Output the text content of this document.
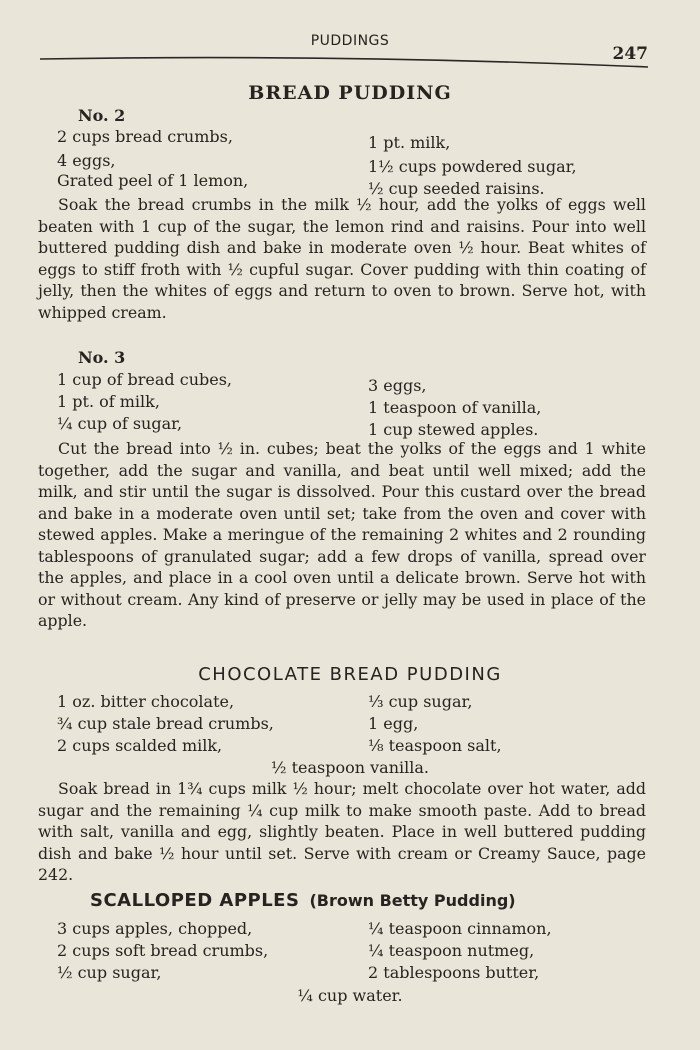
PUDDINGS
247
BREAD PUDDING
No. 2
2 cups bread crumbs,
4 eggs,
Grated peel of 1 lemon,
1 pt. milk,
1½ cups powdered sugar,
½ cup seeded raisins.
Soak the bread crumbs in the milk ½ hour, add the yolks of eggs well beaten with 1 cup of the sugar, the lemon rind and raisins. Pour into well buttered pudding dish and bake in moderate oven ½ hour. Beat whites of eggs to stiff froth with ½ cupful sugar. Cover pudding with thin coating of jelly, then the whites of eggs and return to oven to brown. Serve hot, with whipped cream.
No. 3
1 cup of bread cubes,
1 pt. of milk,
¼ cup of sugar,
3 eggs,
1 teaspoon of vanilla,
1 cup stewed apples.
Cut the bread into ½ in. cubes; beat the yolks of the eggs and 1 white together, add the sugar and vanilla, and beat until well mixed; add the milk, and stir until the sugar is dissolved. Pour this custard over the bread and bake in a moderate oven until set; take from the oven and cover with stewed apples. Make a meringue of the remaining 2 whites and 2 rounding tablespoons of granulated sugar; add a few drops of vanilla, spread over the apples, and place in a cool oven until a delicate brown. Serve hot with or without cream. Any kind of preserve or jelly may be used in place of the apple.
CHOCOLATE BREAD PUDDING
1 oz. bitter chocolate,
¾ cup stale bread crumbs,
2 cups scalded milk,
⅓ cup sugar,
1 egg,
⅛ teaspoon salt,
½ teaspoon vanilla.
Soak bread in 1¾ cups milk ½ hour; melt chocolate over hot water, add sugar and the remaining ¼ cup milk to make smooth paste. Add to bread with salt, vanilla and egg, slightly beaten. Place in well buttered pudding dish and bake ½ hour until set. Serve with cream or Creamy Sauce, page 242.
SCALLOPED APPLES (Brown Betty Pudding)
3 cups apples, chopped,
2 cups soft bread crumbs,
½ cup sugar,
¼ teaspoon cinnamon,
¼ teaspoon nutmeg,
2 tablespoons butter,
¼ cup water.
